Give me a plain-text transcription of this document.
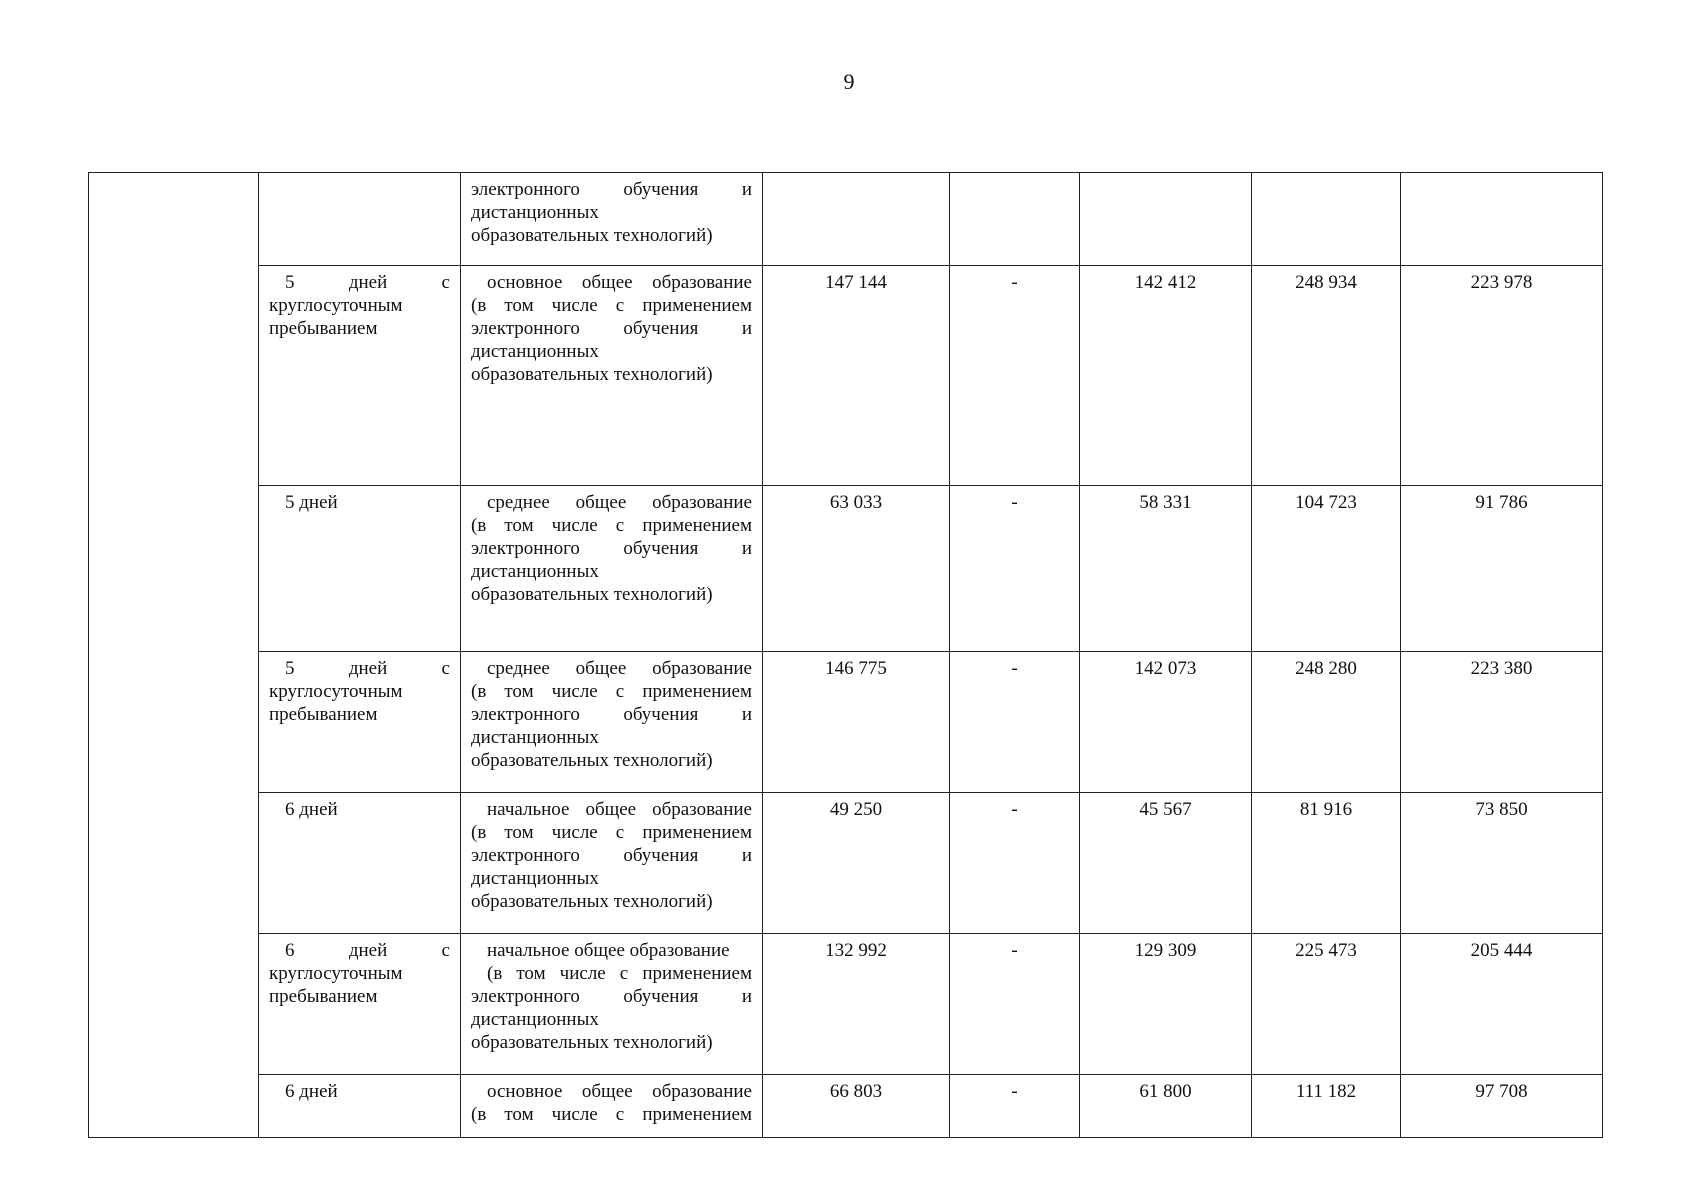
9

		электронного обучения и
дистанционных
образовательных технологий)					

	5 дней с
круглосуточным
пребыванием	основное общее образование
(в том числе с применением
электронного обучения и
дистанционных
образовательных технологий)	147 144	-	142 412	248 934	223 978

	5 дней	среднее общее образование
(в том числе с применением
электронного обучения и
дистанционных
образовательных технологий)	63 033	-	58 331	104 723	91 786

	5 дней с
круглосуточным
пребыванием	среднее общее образование
(в том числе с применением
электронного обучения и
дистанционных
образовательных технологий)	146 775	-	142 073	248 280	223 380

	6 дней	начальное общее образование
(в том числе с применением
электронного обучения и
дистанционных
образовательных технологий)	49 250	-	45 567	81 916	73 850

	6 дней с
круглосуточным
пребыванием	начальное общее образование
(в том числе с применением
электронного обучения и
дистанционных
образовательных технологий)	132 992	-	129 309	225 473	205 444

	6 дней	основное общее образование
(в том числе с применением	66 803	-	61 800	111 182	97 708
